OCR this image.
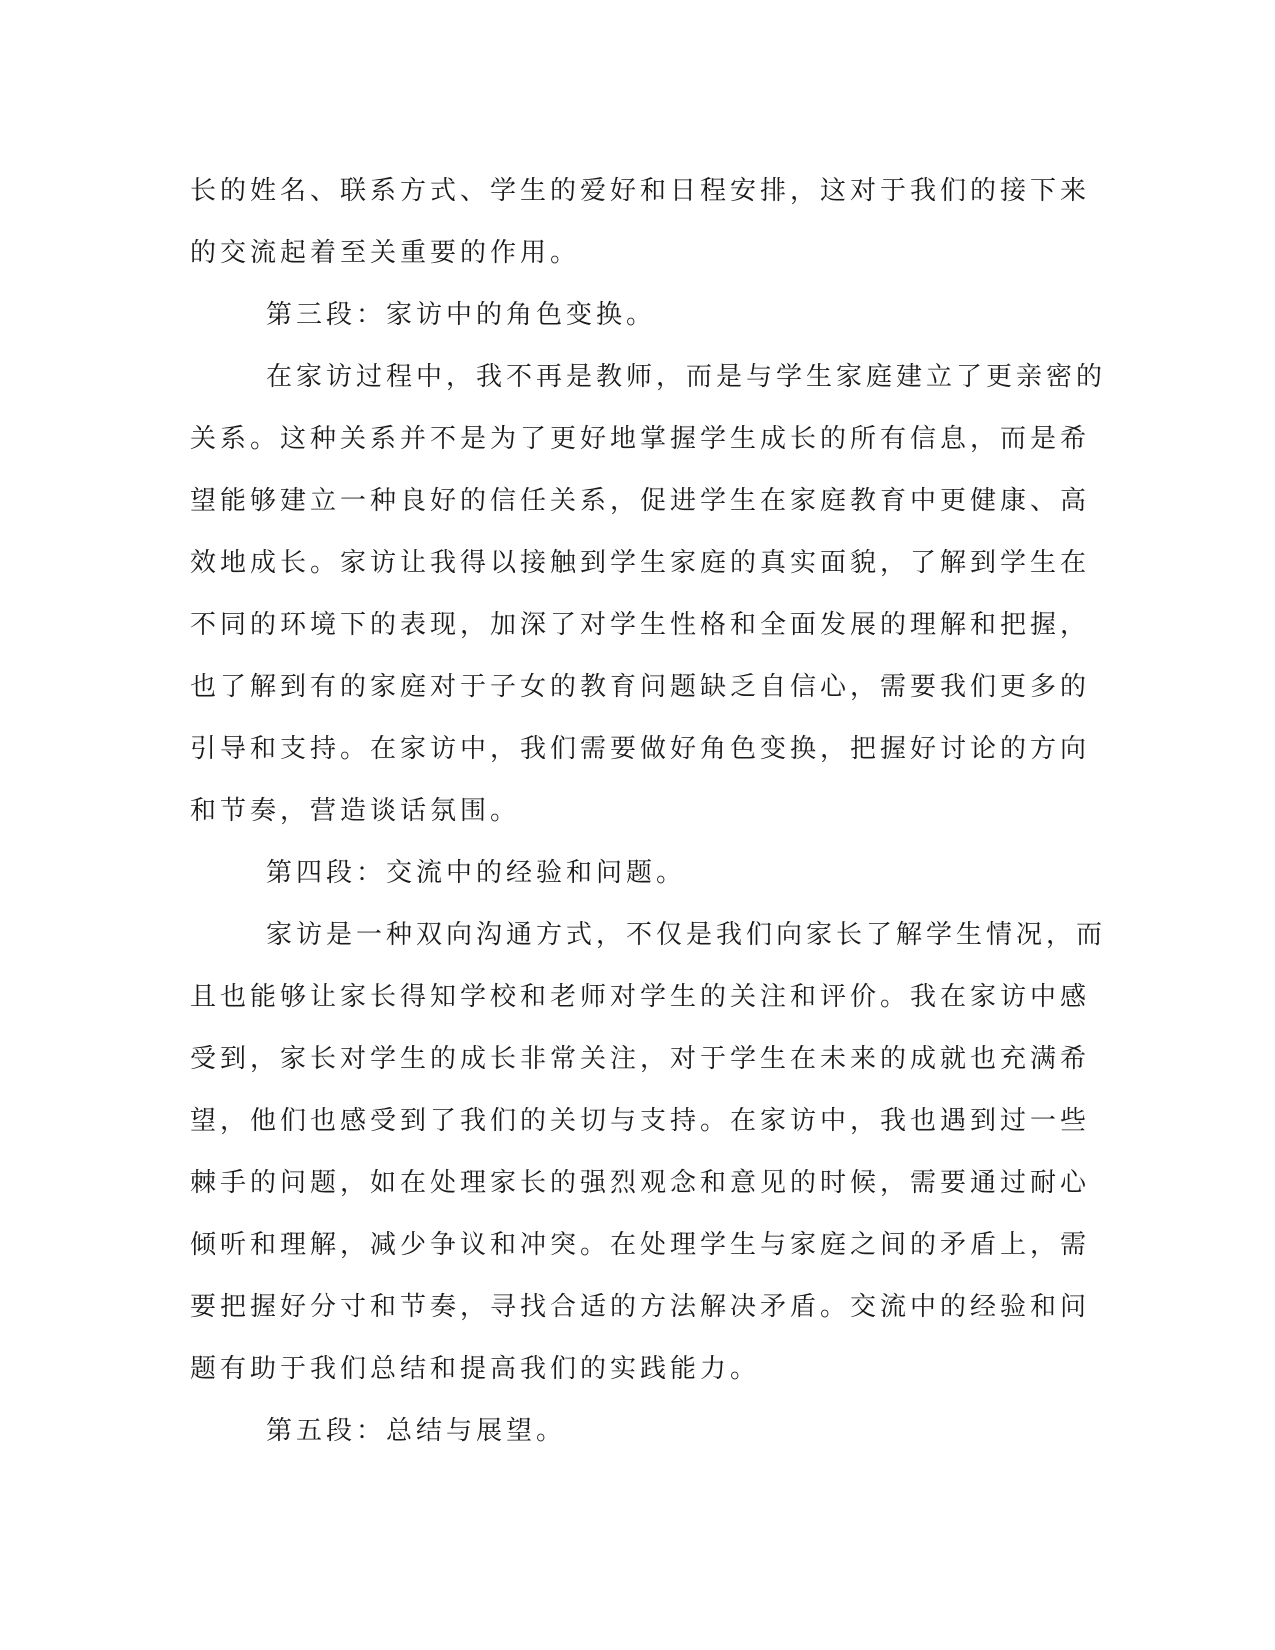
长的姓名、联系方式、学生的爱好和日程安排，这对于我们的接下来
的交流起着至关重要的作用。
第三段：家访中的角色变换。
在家访过程中，我不再是教师，而是与学生家庭建立了更亲密的
关系。这种关系并不是为了更好地掌握学生成长的所有信息，而是希
望能够建立一种良好的信任关系，促进学生在家庭教育中更健康、高
效地成长。家访让我得以接触到学生家庭的真实面貌，了解到学生在
不同的环境下的表现，加深了对学生性格和全面发展的理解和把握，
也了解到有的家庭对于子女的教育问题缺乏自信心，需要我们更多的
引导和支持。在家访中，我们需要做好角色变换，把握好讨论的方向
和节奏，营造谈话氛围。
第四段：交流中的经验和问题。
家访是一种双向沟通方式，不仅是我们向家长了解学生情况，而
且也能够让家长得知学校和老师对学生的关注和评价。我在家访中感
受到，家长对学生的成长非常关注，对于学生在未来的成就也充满希
望，他们也感受到了我们的关切与支持。在家访中，我也遇到过一些
棘手的问题，如在处理家长的强烈观念和意见的时候，需要通过耐心
倾听和理解，减少争议和冲突。在处理学生与家庭之间的矛盾上，需
要把握好分寸和节奏，寻找合适的方法解决矛盾。交流中的经验和问
题有助于我们总结和提高我们的实践能力。
第五段：总结与展望。
